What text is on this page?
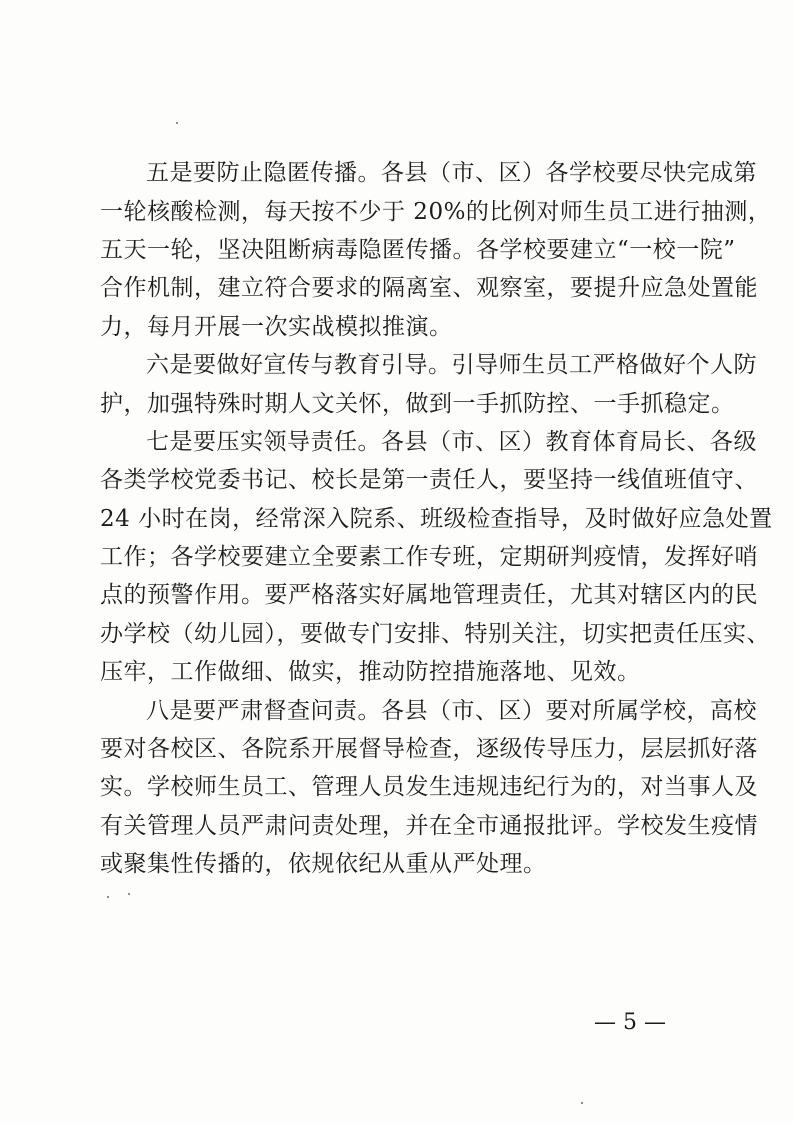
五是要防止隐匿传播。各县（市、区）各学校要尽快完成第
一轮核酸检测，每天按不少于 20%的比例对师生员工进行抽测，
五天一轮，坚决阻断病毒隐匿传播。各学校要建立“一校一院”
合作机制，建立符合要求的隔离室、观察室，要提升应急处置能
力，每月开展一次实战模拟推演。
六是要做好宣传与教育引导。引导师生员工严格做好个人防
护，加强特殊时期人文关怀，做到一手抓防控、一手抓稳定。
七是要压实领导责任。各县（市、区）教育体育局长、各级
各类学校党委书记、校长是第一责任人，要坚持一线值班值守、
24 小时在岗，经常深入院系、班级检查指导，及时做好应急处置
工作；各学校要建立全要素工作专班，定期研判疫情，发挥好哨
点的预警作用。要严格落实好属地管理责任，尤其对辖区内的民
办学校（幼儿园），要做专门安排、特别关注，切实把责任压实、
压牢，工作做细、做实，推动防控措施落地、见效。
八是要严肃督查问责。各县（市、区）要对所属学校，高校
要对各校区、各院系开展督导检查，逐级传导压力，层层抓好落
实。学校师生员工、管理人员发生违规违纪行为的，对当事人及
有关管理人员严肃问责处理，并在全市通报批评。学校发生疫情
或聚集性传播的，依规依纪从重从严处理。
— 5 —
